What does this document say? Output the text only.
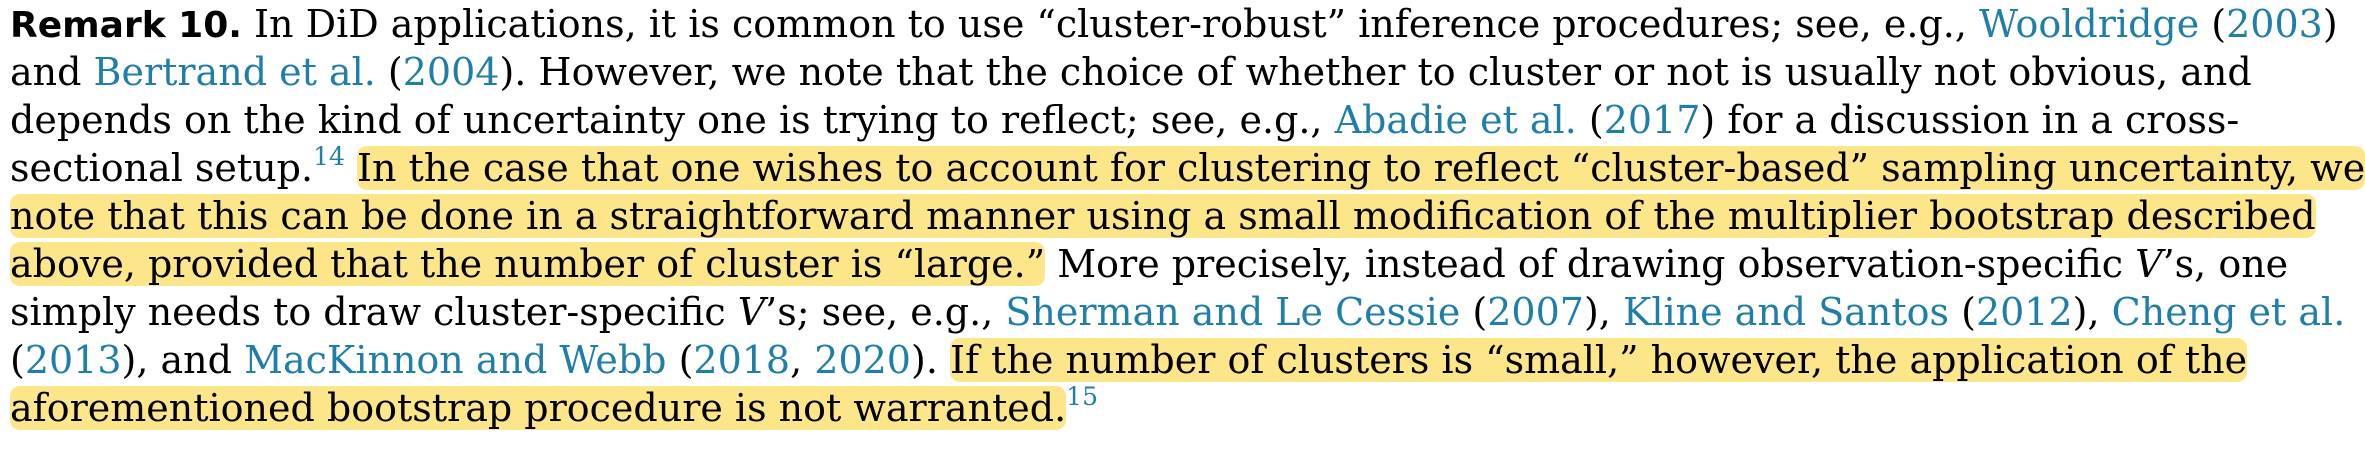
Remark 10. In DiD applications, it is common to use “cluster-robust” inference procedures; see, e.g., Wooldridge (2003)
and Bertrand et al. (2004). However, we note that the choice of whether to cluster or not is usually not obvious, and
depends on the kind of uncertainty one is trying to reflect; see, e.g., Abadie et al. (2017) for a discussion in a cross-
sectional setup.$^{14}$ In the case that one wishes to account for clustering to reflect “cluster-based” sampling uncertainty, we
note that this can be done in a straightforward manner using a small modification of the multiplier bootstrap described
above, provided that the number of cluster is “large.” More precisely, instead of drawing observation-specific V’s, one
simply needs to draw cluster-specific V’s; see, e.g., Sherman and Le Cessie (2007), Kline and Santos (2012), Cheng et al.
(2013), and MacKinnon and Webb (2018, 2020). If the number of clusters is “small,” however, the application of the
aforementioned bootstrap procedure is not warranted.$^{15}$
